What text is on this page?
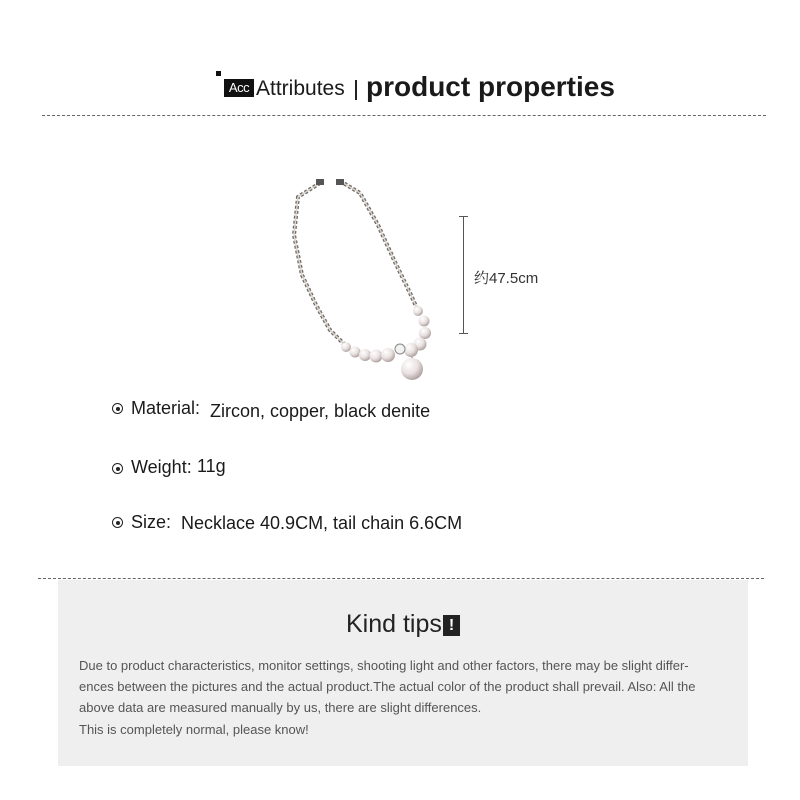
Acc Attributes product properties
约47.5cm
Material: Zircon, copper, black denite
Weight: 11g
Size: Necklace 40.9CM, tail chain 6.6CM
Kind tips !
Due to product characteristics, monitor settings, shooting light and other factors, there may be slight differ-
ences between the pictures and the actual product.The actual color of the product shall prevail. Also: All the
above data are measured manually by us, there are slight differences.
This is completely normal, please know!
